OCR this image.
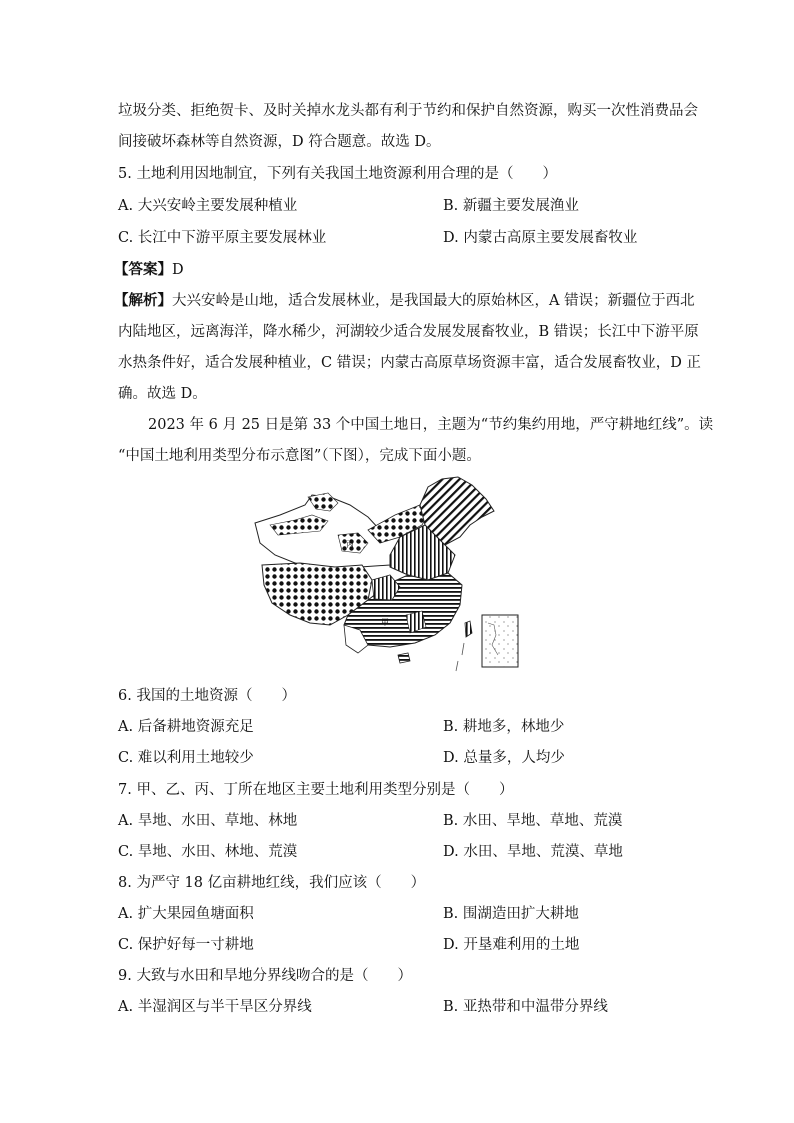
垃圾分类、拒绝贺卡、及时关掉水龙头都有利于节约和保护自然资源，购买一次性消费品会
间接破坏森林等自然资源，D 符合题意。故选 D。
5. 土地利用因地制宜，下列有关我国土地资源利用合理的是（　　）
A. 大兴安岭主要发展种植业	B. 新疆主要发展渔业
C. 长江中下游平原主要发展林业	D. 内蒙古高原主要发展畜牧业
【答案】D
【解析】大兴安岭是山地，适合发展林业，是我国最大的原始林区，A 错误；新疆位于西北
内陆地区，远离海洋，降水稀少，河湖较少适合发展发展畜牧业，B 错误；长江中下游平原
水热条件好，适合发展种植业，C 错误；内蒙古高原草场资源丰富，适合发展畜牧业，D 正
确。故选 D。
2023 年 6 月 25 日是第 33 个中国土地日，主题为“节约集约用地，严守耕地红线”。读
“中国土地利用类型分布示意图”（下图），完成下面小题。
丙
甲
6. 我国的土地资源（　　）
A. 后备耕地资源充足	B. 耕地多，林地少
C. 难以利用土地较少	D. 总量多，人均少
7. 甲、乙、丙、丁所在地区主要土地利用类型分别是（　　）
A. 旱地、水田、草地、林地	B. 水田、旱地、草地、荒漠
C. 旱地、水田、林地、荒漠	D. 水田、旱地、荒漠、草地
8. 为严守 18 亿亩耕地红线，我们应该（　　）
A. 扩大果园鱼塘面积	B. 围湖造田扩大耕地
C. 保护好每一寸耕地	D. 开垦难利用的土地
9. 大致与水田和旱地分界线吻合的是（　　）
A. 半湿润区与半干旱区分界线	B. 亚热带和中温带分界线
